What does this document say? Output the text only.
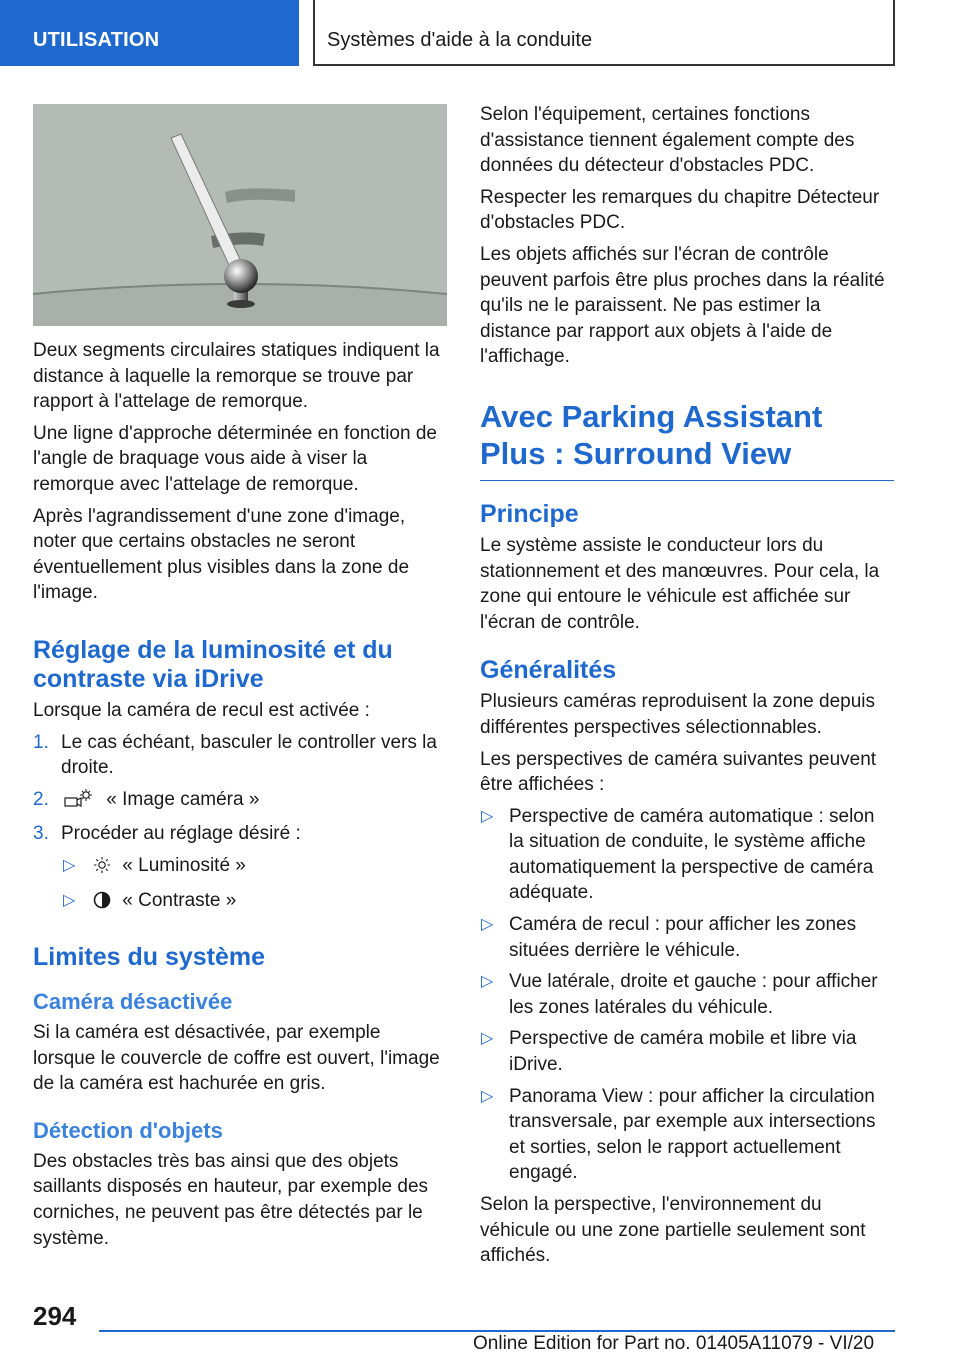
UTILISATION	Systèmes d'aide à la conduite

Deux segments circulaires statiques indiquent la distance à laquelle la remorque se trouve par rapport à l'attelage de remorque.

Une ligne d'approche déterminée en fonction de l'angle de braquage vous aide à viser la remorque avec l'attelage de remorque.

Après l'agrandissement d'une zone d'image, noter que certains obstacles ne seront éventuellement plus visibles dans la zone de l'image.

Réglage de la luminosité et du contraste via iDrive

Lorsque la caméra de recul est activée :

1. Le cas échéant, basculer le controller vers la droite.
2.	« Image caméra »
3. Procéder au réglage désiré :
▷ « Luminosité »
▷ « Contraste »
Limites du système
Caméra désactivée

Si la caméra est désactivée, par exemple lorsque le couvercle de coffre est ouvert, l'image de la caméra est hachurée en gris.

Détection d'objets

Des obstacles très bas ainsi que des objets saillants disposés en hauteur, par exemple des corniches, ne peuvent pas être détectés par le système.

Selon l'équipement, certaines fonctions d'assistance tiennent également compte des données du détecteur d'obstacles PDC.

Respecter les remarques du chapitre Détecteur d'obstacles PDC.

Les objets affichés sur l'écran de contrôle peuvent parfois être plus proches dans la réalité qu'ils ne le paraissent. Ne pas estimer la distance par rapport aux objets à l'aide de l'affichage.

Avec Parking Assistant Plus : Surround View
Principe

Le système assiste le conducteur lors du stationnement et des manœuvres. Pour cela, la zone qui entoure le véhicule est affichée sur l'écran de contrôle.

Généralités

Plusieurs caméras reproduisent la zone depuis différentes perspectives sélectionnables.

Les perspectives de caméra suivantes peuvent être affichées :

▷ Perspective de caméra automatique : selon la situation de conduite, le système affiche automatiquement la perspective de caméra adéquate.
▷ Caméra de recul : pour afficher les zones situées derrière le véhicule.
▷ Vue latérale, droite et gauche : pour afficher les zones latérales du véhicule.
▷ Perspective de caméra mobile et libre via iDrive.
▷ Panorama View : pour afficher la circulation transversale, par exemple aux intersections et sorties, selon le rapport actuellement engagé.

Selon la perspective, l'environnement du véhicule ou une zone partielle seulement sont affichés.

294
Online Edition for Part no. 01405A11079 - VI/20
